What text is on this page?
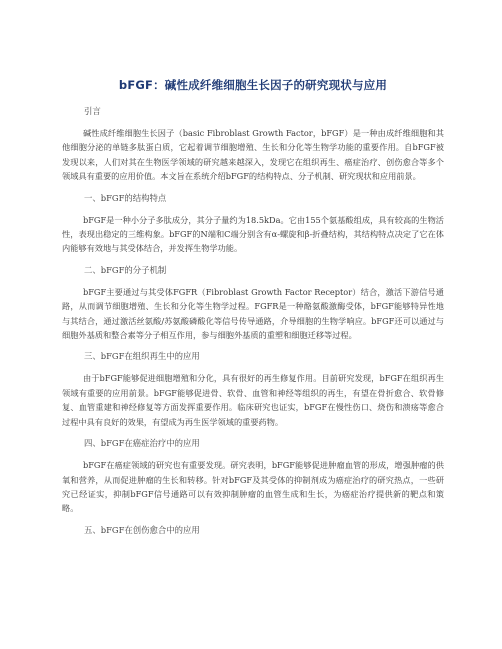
bFGF：碱性成纤维细胞生长因子的研究现状与应用
引言

碱性成纤维细胞生长因子（basic Fibroblast Growth Factor，bFGF）是一种由成纤维细胞和其他细胞分泌的单链多肽蛋白质，它起着调节细胞增殖、生长和分化等生物学功能的重要作用。自bFGF被发现以来，人们对其在生物医学领域的研究越来越深入，发现它在组织再生、癌症治疗、创伤愈合等多个领域具有重要的应用价值。本文旨在系统介绍bFGF的结构特点、分子机制、研究现状和应用前景。

一、bFGF的结构特点

bFGF是一种小分子多肽成分，其分子量约为18.5kDa。它由155个氨基酸组成，具有较高的生物活性，表现出稳定的三维构象。bFGF的N端和C端分别含有α-螺旋和β-折叠结构，其结构特点决定了它在体内能够有效地与其受体结合，并发挥生物学功能。

二、bFGF的分子机制

bFGF主要通过与其受体FGFR（Fibroblast Growth Factor Receptor）结合，激活下游信号通路，从而调节细胞增殖、生长和分化等生物学过程。FGFR是一种酪氨酸激酶受体，bFGF能够特异性地与其结合，通过激活丝氨酸/苏氨酸磷酸化等信号传导通路，介导细胞的生物学响应。bFGF还可以通过与细胞外基质和整合素等分子相互作用，参与细胞外基质的重塑和细胞迁移等过程。

三、bFGF在组织再生中的应用

由于bFGF能够促进细胞增殖和分化，具有很好的再生修复作用。目前研究发现，bFGF在组织再生领域有重要的应用前景。bFGF能够促进骨、软骨、血管和神经等组织的再生，有望在骨折愈合、软骨修复、血管重建和神经修复等方面发挥重要作用。临床研究也证实，bFGF在慢性伤口、烧伤和溃疡等愈合过程中具有良好的效果，有望成为再生医学领域的重要药物。

四、bFGF在癌症治疗中的应用

bFGF在癌症领域的研究也有重要发现。研究表明，bFGF能够促进肿瘤血管的形成，增强肿瘤的供氧和营养，从而促进肿瘤的生长和转移。针对bFGF及其受体的抑制剂成为癌症治疗的研究热点，一些研究已经证实，抑制bFGF信号通路可以有效抑制肿瘤的血管生成和生长，为癌症治疗提供新的靶点和策略。

五、bFGF在创伤愈合中的应用
